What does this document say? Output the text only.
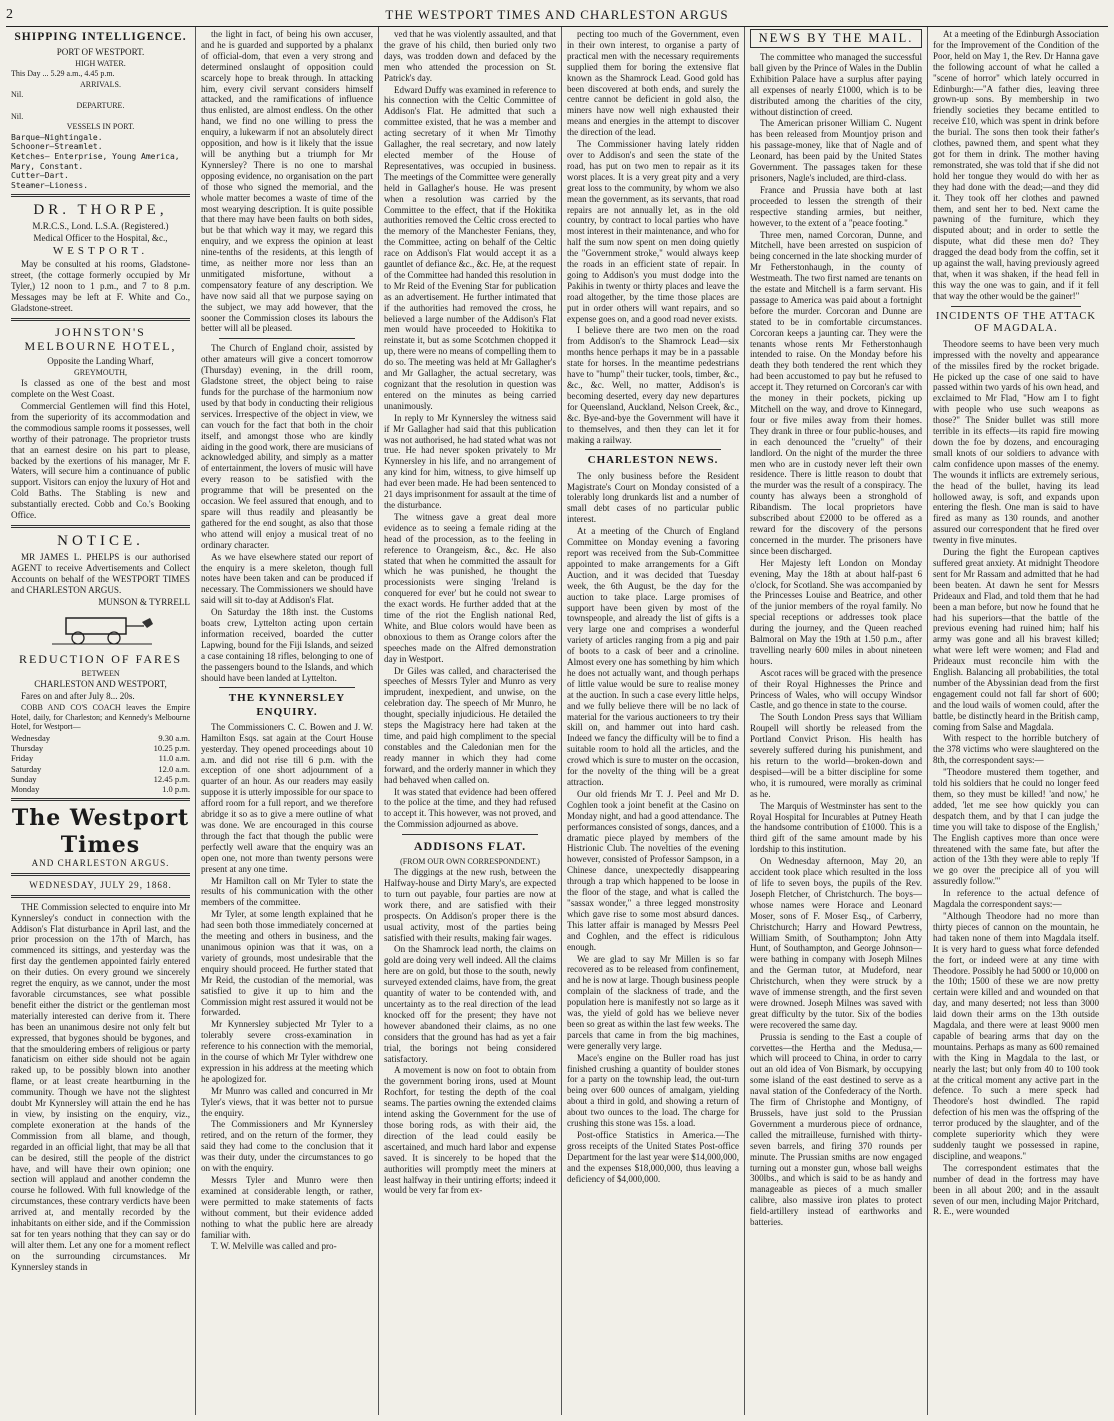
2	THE WESTPORT TIMES AND CHARLESTON ARGUS
SHIPPING INTELLIGENCE.

PORT OF WESTPORT.

HIGH WATER.

This Day ... 5.29 a.m., 4.45 p.m.

ARRIVALS.

Nil.

DEPARTURE.

Nil.

VESSELS IN PORT.

Barque—Nightingale.
Schooner—Streamlet.
Ketches— Enterprise, Young America,
Mary, Constant.
Cutter—Dart.
Steamer—Lioness.
DR. THORPE,

M.R.C.S., Lond. L.S.A. (Registered.)

Medical Officer to the Hospital, &c.,

WESTPORT.

May be consulted at his rooms, Gladstone-street, (the cottage formerly occupied by Mr Tyler,) 12 noon to 1 p.m., and 7 to 8 p.m. Messages may be left at F. White and Co., Gladstone-street.

JOHNSTON'S MELBOURNE HOTEL,

Opposite the Landing Wharf,

GREYMOUTH,

Is classed as one of the best and most complete on the West Coast.

Commercial Gentlemen will find this Hotel, from the superiority of its accommodation and the commodious sample rooms it possesses, well worthy of their patronage. The proprietor trusts that an earnest desire on his part to please, backed by the exertions of his manager, Mr F. Waters, will secure him a continuance of public support. Visitors can enjoy the luxury of Hot and Cold Baths. The Stabling is new and substantially erected. Cobb and Co.'s Booking Office.

NOTICE.

MR JAMES L. PHELPS is our authorised AGENT to receive Advertisements and Collect Accounts on behalf of the WESTPORT TIMES and CHARLESTON ARGUS.

MUNSON & TYRRELL

REDUCTION OF FARES

BETWEEN

CHARLESTON AND WESTPORT,

Fares on and after July 8... 20s.

COBB AND CO'S COACH leaves the Empire Hotel, daily, for Charleston; and Kennedy's Melbourne Hotel, for Westport—

Wednesday	9.30 a.m.
Thursday	10.25 p.m.
Friday	11.0 a.m.
Saturday	12.0 a.m.
Sunday	12.45 p.m.
Monday	1.0 p.m.
The Westport Times

AND CHARLESTON ARGUS.

WEDNESDAY, JULY 29, 1868.

THE Commission selected to enquire into Mr Kynnersley's conduct in connection with the Addison's Flat disturbance in April last, and the prior procession on the 17th of March, has commenced its sittings, and yesterday was the first day the gentlemen appointed fairly entered on their duties. On every ground we sincerely regret the enquiry, as we cannot, under the most favorable circumstances, see what possible benefit either the district or the gentleman most materially interested can derive from it. There has been an unanimous desire not only felt but expressed, that bygones should be bygones, and that the smouldering embers of religious or party fanaticism on either side should not be again raked up, to be possibly blown into another flame, or at least create heartburning in the community. Though we have not the slightest doubt Mr Kynnersley will attain the end he has in view, by insisting on the enquiry, viz., complete exoneration at the hands of the Commission from all blame, and though, regarded in an official light, that may be all that can be desired, still the people of the district have, and will have their own opinion; one section will applaud and another condemn the course he followed. With full knowledge of the circumstances, these contrary verdicts have been arrived at, and mentally recorded by the inhabitants on either side, and if the Commission sat for ten years nothing that they can say or do will alter them. Let any one for a moment reflect on the surrounding circumstances. Mr Kynnersley stands in

the light in fact, of being his own accuser, and he is guarded and supported by a phalanx of official-dom, that even a very strong and determined onslaught of opposition could scarcely hope to break through. In attacking him, every civil servant considers himself attacked, and the ramifications of influence thus enlisted, are almost endless. On the other hand, we find no one willing to press the enquiry, a lukewarm if not an absolutely direct opposition, and how is it likely that the issue will be anything but a triumph for Mr Kynnersley? There is no one to marshal opposing evidence, no organisation on the part of those who signed the memorial, and the whole matter becomes a waste of time of the most wearying description. It is quite possible that there may have been faults on both sides, but be that which way it may, we regard this enquiry, and we express the opinion at least nine-tenths of the residents, at this length of time, as neither more nor less than an unmitigated misfortune, without a compensatory feature of any description. We have now said all that we purpose saying on the subject, we may add however, that the sooner the Commission closes its labours the better will all be pleased.

The Church of England choir, assisted by other amateurs will give a concert tomorrow (Thursday) evening, in the drill room, Gladstone street, the object being to raise funds for the purchase of the harmonium now used by that body in conducting their religious services. Irrespective of the object in view, we can vouch for the fact that both in the choir itself, and amongst those who are kindly aiding in the good work, there are musicians of acknowledged ability, and simply as a matter of entertainment, the lovers of music will have every reason to be satisfied with the programme that will be presented on the occasion. We feel assured that enough, and to spare will thus readily and pleasantly be gathered for the end sought, as also that those who attend will enjoy a musical treat of no ordinary character.

As we have elsewhere stated our report of the enquiry is a mere skeleton, though full notes have been taken and can be produced if necessary. The Commissioners we should have said will sit to-day at Addison's Flat.

On Saturday the 18th inst. the Customs boats crew, Lyttelton acting upon certain information received, boarded the cutter Lapwing, bound for the Fiji Islands, and seized a case containing 18 rifles, belonging to one of the passengers bound to the Islands, and which should have been landed at Lyttelton.

THE KYNNERSLEY ENQUIRY.

The Commissioners C. C. Bowen and J. W. Hamilton Esqs. sat again at the Court House yesterday. They opened proceedings about 10 a.m. and did not rise till 6 p.m. with the exception of one short adjournment of a quarter of an hour. As our readers may easily suppose it is utterly impossible for our space to afford room for a full report, and we therefore abridge it so as to give a mere outline of what was done. We are encouraged in this course through the fact that though the public were perfectly well aware that the enquiry was an open one, not more than twenty persons were present at any one time.

Mr Hamilton call on Mr Tyler to state the results of his communication with the other members of the committee.

Mr Tyler, at some length explained that he had seen both those immediately concerned at the meeting and others in business, and the unanimous opinion was that it was, on a variety of grounds, most undesirable that the enquiry should proceed. He further stated that Mr Reid, the custodian of the memorial, was satisfied to give it up to him and the Commission might rest assured it would not be forwarded.

Mr Kynnersley subjected Mr Tyler to a tolerably severe cross-examination in reference to his connection with the memorial, in the course of which Mr Tyler withdrew one expression in his address at the meeting which he apologized for.

Mr Munro was called and concurred in Mr Tyler's views, that it was better not to pursue the enquiry.

The Commissioners and Mr Kynnersley retired, and on the return of the former, they said they had come to the conclusion that it was their duty, under the circumstances to go on with the enquiry.

Messrs Tyler and Munro were then examined at considerable length, or rather, were permitted to make statements of facts without comment, but their evidence added nothing to what the public here are already familiar with.

T. W. Melville was called and pro-

ved that he was violently assaulted, and that the grave of his child, then buried only two days, was trodden down and defaced by the men who attended the procession on St. Patrick's day.

Edward Duffy was examined in reference to his connection with the Celtic Committee of Addison's Flat. He admitted that such a committee existed, that he was a member and acting secretary of it when Mr Timothy Gallagher, the real secretary, and now lately elected member of the House of Representatives, was occupied in business. The meetings of the Committee were generally held in Gallagher's house. He was present when a resolution was carried by the Committee to the effect, that if the Hokitika authorities removed the Celtic cross erected to the memory of the Manchester Fenians, they, the Committee, acting on behalf of the Celtic race on Addison's Flat would accept it as a gauntlet of defiance &c., &c. He, at the request of the Committee had handed this resolution in to Mr Reid of the Evening Star for publication as an advertisement. He further intimated that if the authorities had removed the cross, he believed a large number of the Addison's Flat men would have proceeded to Hokitika to reinstate it, but as some Scotchmen chopped it up, there were no means of compelling them to do so. The meeting was held at Mr Gallagher's and Mr Gallagher, the actual secretary, was cognizant that the resolution in question was entered on the minutes as being carried unanimously.

In reply to Mr Kynnersley the witness said if Mr Gallagher had said that this publication was not authorised, he had stated what was not true. He had never spoken privately to Mr Kynnersley in his life, and no arrangement of any kind for him, witness, to give himself up had ever been made. He had been sentenced to 21 days imprisonment for assault at the time of the disturbance.

The witness gave a great deal more evidence as to seeing a female riding at the head of the procession, as to the feeling in reference to Orangeism, &c., &c. He also stated that when he committed the assault for which he was punished, he thought the processionists were singing 'Ireland is conquered for ever' but he could not swear to the exact words. He further added that at the time of the riot the English national Red, White, and Blue colors would have been as obnoxious to them as Orange colors after the speeches made on the Alfred demonstration day in Westport.

Dr Giles was called, and characterised the speeches of Messrs Tyler and Munro as very imprudent, inexpedient, and unwise, on the celebration day. The speech of Mr Munro, he thought, specially injudicious. He detailed the steps the Magistracy here had taken at the time, and paid high compliment to the special constables and the Caledonian men for the ready manner in which they had come forward, and the orderly manner in which they had behaved when called on.

It was stated that evidence had been offered to the police at the time, and they had refused to accept it. This however, was not proved, and the Commission adjourned as above.

ADDISONS FLAT.

(FROM OUR OWN CORRESPONDENT.)

The diggings at the new rush, between the Halfway-house and Dirty Mary's, are expected to turn out payable, four parties are now at work there, and are satisfied with their prospects. On Addison's proper there is the usual activity, most of the parties being satisfied with their results, making fair wages.

On the Shamrock lead north, the claims on gold are doing very well indeed. All the claims here are on gold, but those to the south, newly surveyed extended claims, have from, the great quantity of water to be contended with, and uncertainty as to the real direction of the lead knocked off for the present; they have not however abandoned their claims, as no one considers that the ground has had as yet a fair trial, the borings not being considered satisfactory.

A movement is now on foot to obtain from the government boring irons, used at Mount Rochfort, for testing the depth of the coal seams. The parties owning the extended claims intend asking the Government for the use of those boring rods, as with their aid, the direction of the lead could easily be ascertained, and much hard labor and expense saved. It is sincerely to be hoped that the authorities will promptly meet the miners at least halfway in their untiring efforts; indeed it would be very far from ex-

pecting too much of the Government, even in their own interest, to organise a party of practical men with the necessary requirements supplied them for boring the extensive flat known as the Shamrock Lead. Good gold has been discovered at both ends, and surely the centre cannot be deficient in gold also, the miners have now well nigh exhausted their means and energies in the attempt to discover the direction of the lead.

The Commissioner having lately ridden over to Addison's and seen the state of the road, has put on two men to repair as it its worst places. It is a very great pity and a very great loss to the community, by whom we also mean the government, as its servants, that road repairs are not annually let, as in the old country, by contract to local parties who have most interest in their maintenance, and who for half the sum now spent on men doing quietly the "Government stroke," would always keep the roads in an efficient state of repair. In going to Addison's you must dodge into the Pakihis in twenty or thirty places and leave the road altogether, by the time those places are put in order others will want repairs, and so expense goes on, and a good road never exists.

I believe there are two men on the road from Addison's to the Shamrock Lead—six months hence perhaps it may be in a passable state for horses. In the meantime pedestrians have to "hump" their tucker, tools, timber, &c., &c., &c. Well, no matter, Addison's is becoming deserted, every day new departures for Queensland, Auckland, Nelson Creek, &c., &c. Bye-and-bye the Government will have it to themselves, and then they can let it for making a railway.

CHARLESTON NEWS.

The only business before the Resident Magistrate's Court on Monday consisted of a tolerably long drunkards list and a number of small debt cases of no particular public interest.

At a meeting of the Church of England Committee on Monday evening a favoring report was received from the Sub-Committee appointed to make arrangements for a Gift Auction, and it was decided that Tuesday week, the 6th August, be the day for the auction to take place. Large promises of support have been given by most of the townspeople, and already the list of gifts is a very large one and comprises a wonderful variety of articles ranging from a pig and pair of boots to a cask of beer and a crinoline. Almost every one has something by him which he does not actually want, and though perhaps of little value would be sure to realise money at the auction. In such a case every little helps, and we fully believe there will be no lack of material for the various auctioneers to try their skill on, and hammer out into hard cash. Indeed we fancy the difficulty will be to find a suitable room to hold all the articles, and the crowd which is sure to muster on the occasion, for the novelty of the thing will be a great attraction.

Our old friends Mr T. J. Peel and Mr D. Coghlen took a joint benefit at the Casino on Monday night, and had a good attendance. The performances consisted of songs, dances, and a dramatic piece played by members of the Histrionic Club. The novelties of the evening however, consisted of Professor Sampson, in a Chinese dance, unexpectedly disappearing through a trap which happened to be loose in the floor of the stage, and what is called the "sassax wonder," a three legged monstrosity which gave rise to some most absurd dances. This latter affair is managed by Messrs Peel and Coghlen, and the effect is ridiculous enough.

We are glad to say Mr Millen is so far recovered as to be released from confinement, and he is now at large. Though business people complain of the slackness of trade, and the population here is manifestly not so large as it was, the yield of gold has we believe never been so great as within the last few weeks. The parcels that came in from the big machines, were generally very large.

Mace's engine on the Buller road has just finished crushing a quantity of boulder stones for a party on the township lead, the out-turn being over 600 ounces of amalgam, yielding about a third in gold, and showing a return of about two ounces to the load. The charge for crushing this stone was 15s. a load.

Post-office Statistics in America.—The gross receipts of the United States Post-office Department for the last year were $14,000,000, and the expenses $18,000,000, thus leaving a deficiency of $4,000,000.

NEWS BY THE MAIL.

The committee who managed the successful ball given by the Prince of Wales in the Dublin Exhibition Palace have a surplus after paying all expenses of nearly £1000, which is to be distributed among the charities of the city, without distinction of creed.

The American prisoner William C. Nugent has been released from Mountjoy prison and his passage-money, like that of Nagle and of Leonard, has been paid by the United States Government. The passages taken for these prisoners, Nagle's included, are third-class.

France and Prussia have both at last proceeded to lessen the strength of their respective standing armies, but neither, however, to the extent of a "peace footing."

Three men, named Corcoran, Dunne, and Mitchell, have been arrested on suspicion of being concerned in the late shocking murder of Mr Fetherstonhaugh, in the county of Westmeath. The two first named are tenants on the estate and Mitchell is a farm servant. His passage to America was paid about a fortnight before the murder. Corcoran and Dunne are stated to be in comfortable circumstances. Corcoran keeps a jaunting car. They were the tenants whose rents Mr Fetherstonhaugh intended to raise. On the Monday before his death they both tendered the rent which they had been accustomed to pay but he refused to accept it. They returned on Corcoran's car with the money in their pockets, picking up Mitchell on the way, and drove to Kinnegard, four or five miles away from their homes. They drank in three or four public-houses, and in each denounced the "cruelty" of their landlord. On the night of the murder the three men who are in custody never left their own residence. There is little reason to doubt that the murder was the result of a conspiracy. The county has always been a stronghold of Ribandism. The local proprietors have subscribed about £2000 to be offered as a reward for the discovery of the persons concerned in the murder. The prisoners have since been discharged.

Her Majesty left London on Monday evening, May the 18th at about half-past 6 o'clock, for Scotland. She was accompanied by the Princesses Louise and Beatrice, and other of the junior members of the royal family. No special receptions or addresses took place during the journey, and the Queen reached Balmoral on May the 19th at 1.50 p.m., after travelling nearly 600 miles in about nineteen hours.

Ascot races will be graced with the presence of their Royal Highnesses the Prince and Princess of Wales, who will occupy Windsor Castle, and go thence in state to the course.

The South London Press says that William Roupell will shortly be released from the Portland Convict Prison. His health has severely suffered during his punishment, and his return to the world—broken-down and despised—will be a bitter discipline for some who, it is rumoured, were morally as criminal as he.

The Marquis of Westminster has sent to the Royal Hospital for Incurables at Putney Heath the handsome contribution of £1000. This is a third gift of the same amount made by his lordship to this institution.

On Wednesday afternoon, May 20, an accident took place which resulted in the loss of life to seven boys, the pupils of the Rev. Joseph Fletcher, of Christchurch. The boys—whose names were Horace and Leonard Moser, sons of F. Moser Esq., of Carberry, Christchurch; Harry and Howard Pewtress, William Smith, of Southampton; John Atty Hunt, of Southampton, and George Johnson—were bathing in company with Joseph Milnes and the German tutor, at Mudeford, near Christchurch, when they were struck by a wave of immense strength, and the first seven were drowned. Joseph Milnes was saved with great difficulty by the tutor. Six of the bodies were recovered the same day.

Prussia is sending to the East a couple of corvettes—the Hertha and the Medusa,—which will proceed to China, in order to carry out an old idea of Von Bismark, by occupying some island of the east destined to serve as a naval station of the Confederacy of the North. The firm of Christophe and Montigny, of Brussels, have just sold to the Prussian Government a murderous piece of ordnance, called the mitrailleuse, furnished with thirty-seven barrels, and firing 370 rounds per minute. The Prussian smiths are now engaged turning out a monster gun, whose ball weighs 300lbs., and which is said to be as handy and manageable as pieces of a much smaller calibre, also massive iron plates to protect field-artillery instead of earthworks and batteries.

At a meeting of the Edinburgh Association for the Improvement of the Condition of the Poor, held on May 1, the Rev. Dr Hanna gave the following account of what he called a "scene of horror" which lately occurred in Edinburgh:—"A father dies, leaving three grown-up sons. By membership in two friendly societies they became entitled to receive £10, which was spent in drink before the burial. The sons then took their father's clothes, pawned them, and spent what they got for them in drink. The mother having remonstrated, she was told that if she did not hold her tongue they would do with her as they had done with the dead;—and they did it. They took off her clothes and pawned them, and sent her to bed. Next came the pawning of the furniture, which they disputed about; and in order to settle the dispute, what did these men do? They dragged the dead body from the coffin, set it up against the wall, having previously agreed that, when it was shaken, if the head fell in this way the one was to gain, and if it fell that way the other would be the gainer!"

INCIDENTS OF THE ATTACK OF MAGDALA.

Theodore seems to have been very much impressed with the novelty and appearance of the missiles fired by the rocket brigade. He picked up the case of one said to have passed within two yards of his own head, and exclaimed to Mr Flad, "How am I to fight with people who use such weapons as those?" The Snider bullet was still more terrible in its effects—its rapid fire mowing down the foe by dozens, and encouraging small knots of our soldiers to advance with calm confidence upon masses of the enemy. The wounds it inflicts are extremely serious, the head of the bullet, having its lead hollowed away, is soft, and expands upon entering the flesh. One man is said to have fired as many as 130 rounds, and another assured our correspondent that he fired over twenty in five minutes.

During the fight the European captives suffered great anxiety. At midnight Theodore sent for Mr Rassam and admitted that he had been beaten. At dawn he sent for Messrs Prideaux and Flad, and told them that he had been a man before, but now he found that he had his superiors—that the battle of the previous evening had ruined him; half his army was gone and all his bravest killed; what were left were women; and Flad and Prideaux must reconcile him with the English. Balancing all probabilities, the total number of the Abyssinian dead from the first engagement could not fall far short of 600; and the loud wails of women could, after the battle, be distinctly heard in the British camp, coming from Salse and Magdala.

With respect to the horrible butchery of the 378 victims who were slaughtered on the 8th, the correspondent says:—

"Theodore mustered them together, and told his soldiers that he could no longer feed them, so they must be killed! 'and now,' he added, 'let me see how quickly you can despatch them, and by that I can judge the time you will take to dispose of the English,' The English captives more than once were threatened with the same fate, but after the action of the 13th they were able to reply 'If we go over the precipice all of you will assuredly follow.'"

In reference to the actual defence of Magdala the correspondent says:—

"Although Theodore had no more than thirty pieces of cannon on the mountain, he had taken none of them into Magdala itself. It is very hard to guess what force defended the fort, or indeed were at any time with Theodore. Possibly he had 5000 or 10,000 on the 10th; 1500 of these we are now pretty certain were killed and and wounded on that day, and many deserted; not less than 3000 laid down their arms on the 13th outside Magdala, and there were at least 9000 men capable of bearing arms that day on the mountains. Perhaps as many as 600 remained with the King in Magdala to the last, or nearly the last; but only from 40 to 100 took at the critical moment any active part in the defence. To such a mere speck had Theodore's host dwindled. The rapid defection of his men was the offspring of the terror produced by the slaughter, and of the complete superiority which they were suddenly taught we possessed in rapine, discipline, and weapons."

The correspondent estimates that the number of dead in the fortress may have been in all about 200; and in the assault seven of our men, including Major Pritchard, R. E., were wounded
